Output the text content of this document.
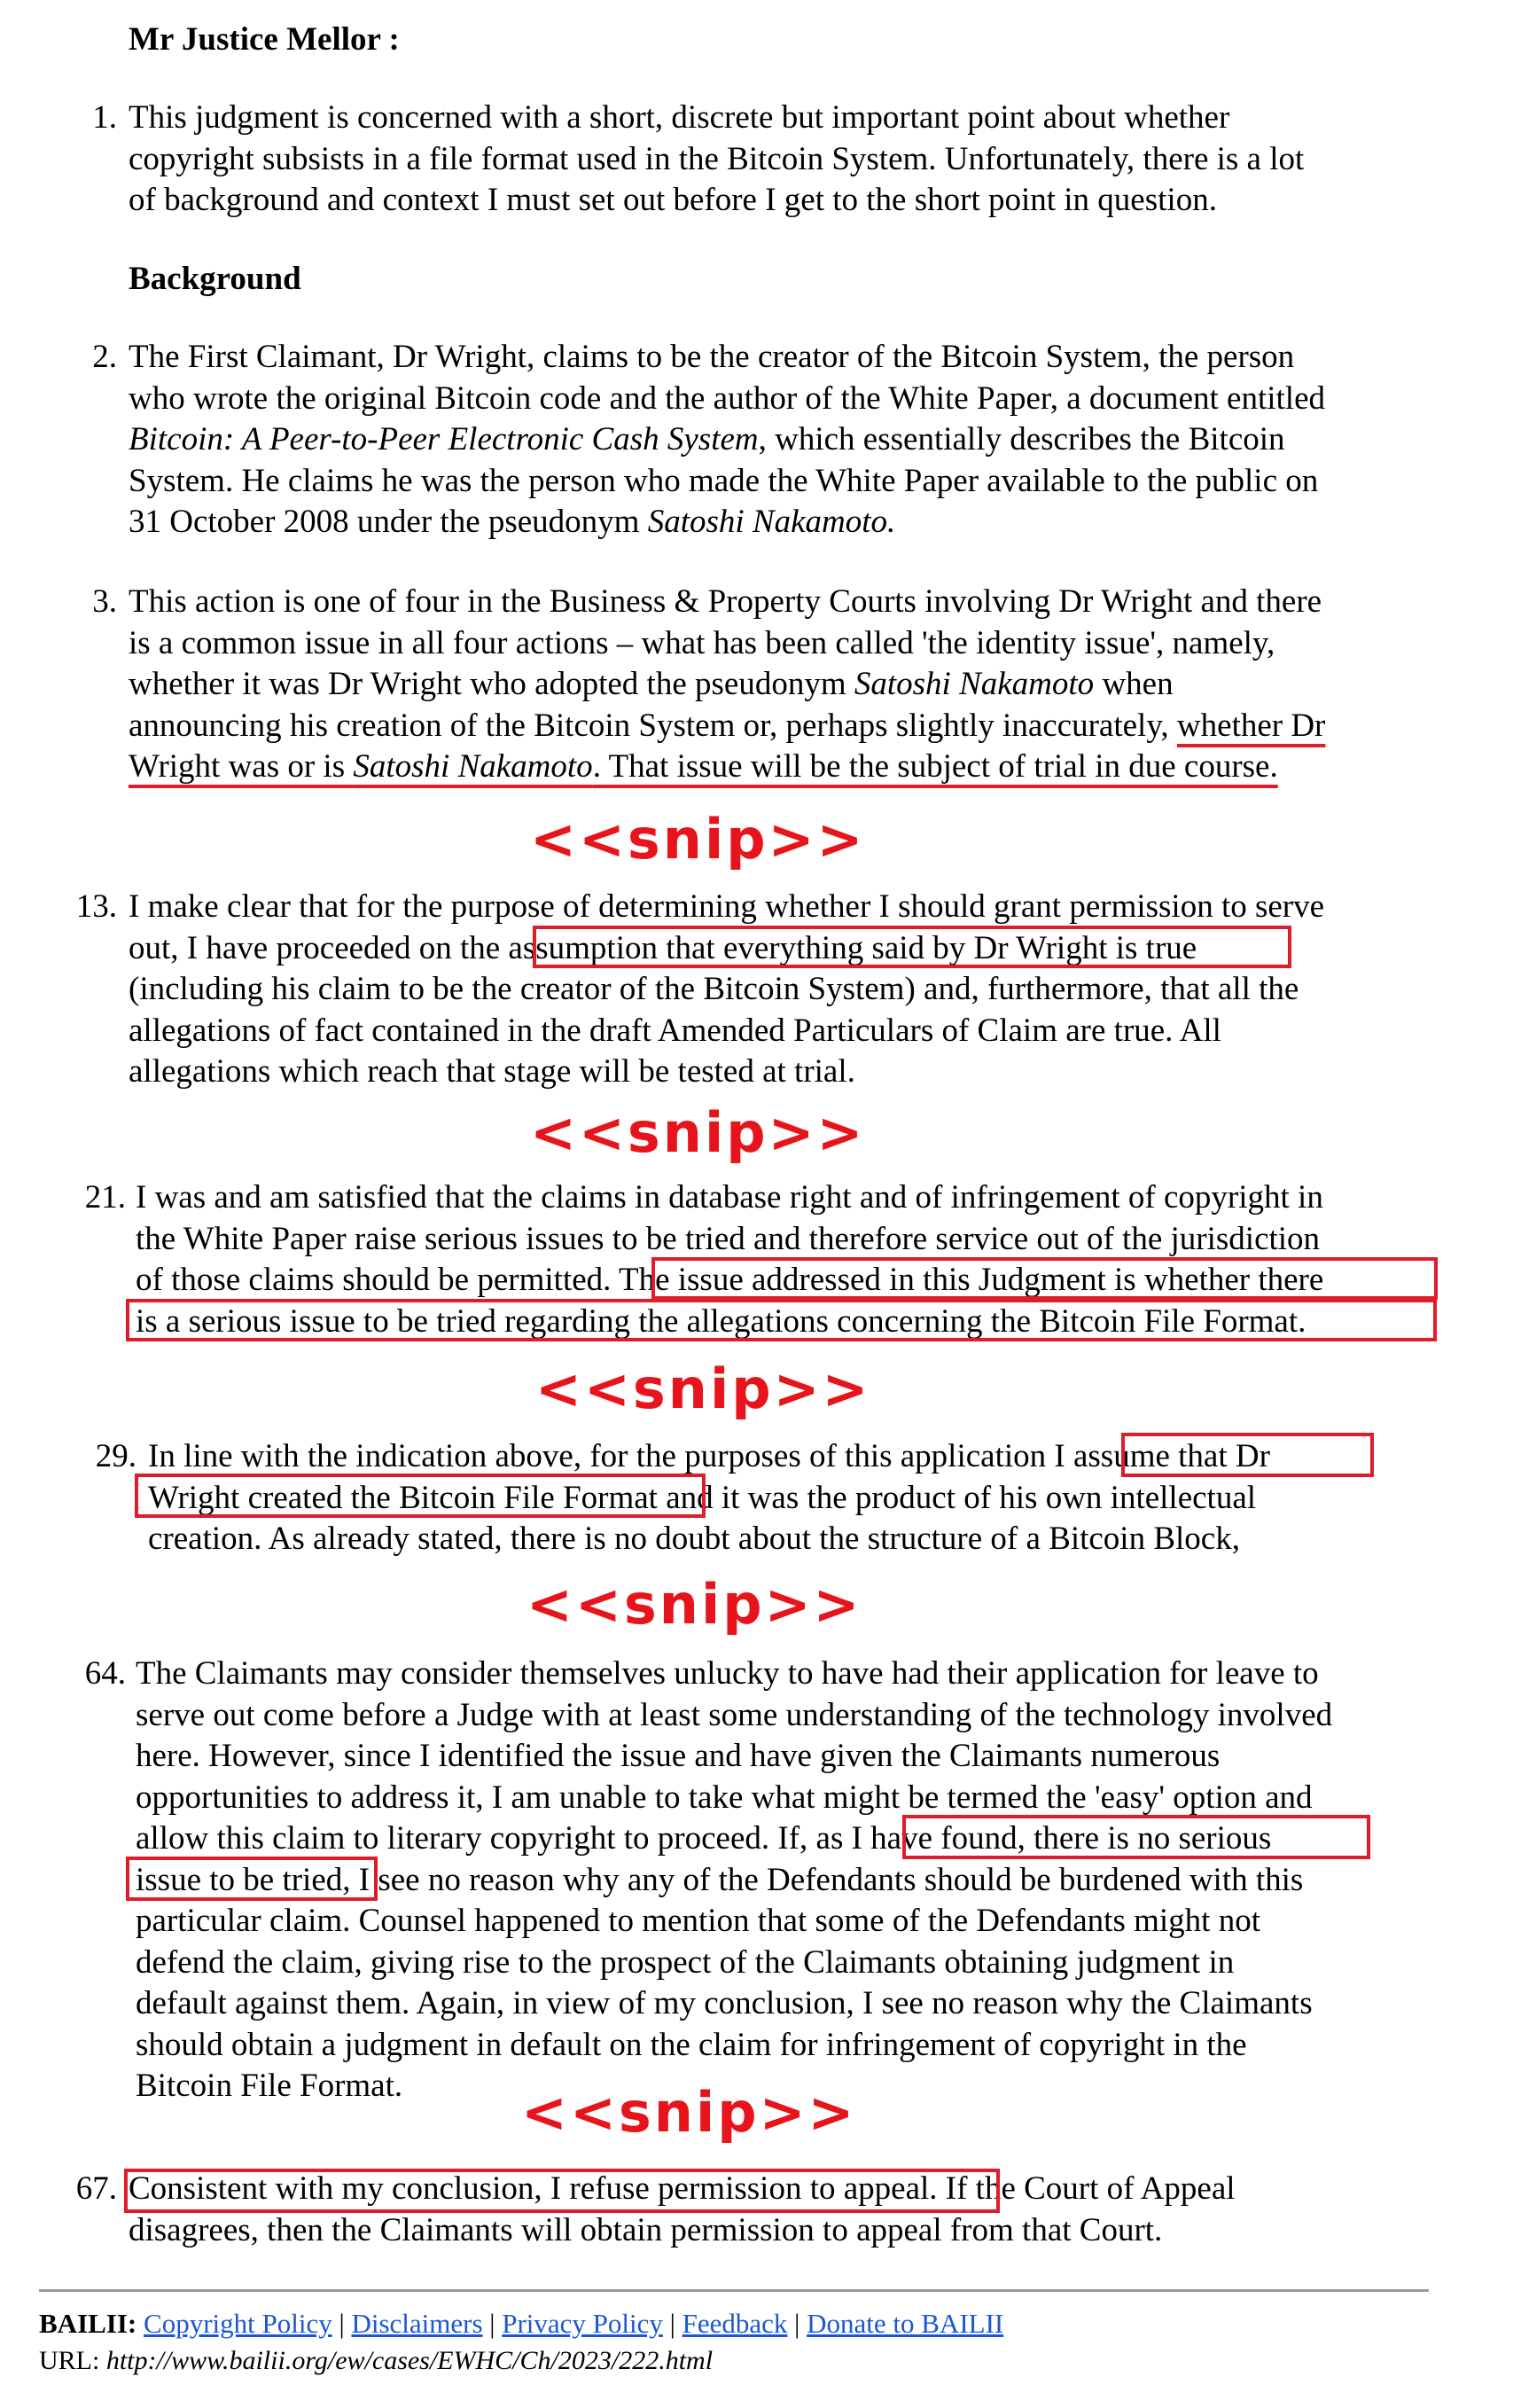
Mr Justice Mellor :
1. This judgment is concerned with a short, discrete but important point about whether
copyright subsists in a file format used in the Bitcoin System. Unfortunately, there is a lot
of background and context I must set out before I get to the short point in question.
Background
2. The First Claimant, Dr Wright, claims to be the creator of the Bitcoin System, the person
who wrote the original Bitcoin code and the author of the White Paper, a document entitled
Bitcoin: A Peer-to-Peer Electronic Cash System, which essentially describes the Bitcoin
System. He claims he was the person who made the White Paper available to the public on
31 October 2008 under the pseudonym Satoshi Nakamoto.
3. This action is one of four in the Business & Property Courts involving Dr Wright and there
is a common issue in all four actions – what has been called 'the identity issue', namely,
whether it was Dr Wright who adopted the pseudonym Satoshi Nakamoto when
announcing his creation of the Bitcoin System or, perhaps slightly inaccurately, whether Dr
Wright was or is Satoshi Nakamoto. That issue will be the subject of trial in due course.
<<snip>>
13. I make clear that for the purpose of determining whether I should grant permission to serve
out, I have proceeded on the assumption that everything said by Dr Wright is true
(including his claim to be the creator of the Bitcoin System) and, furthermore, that all the
allegations of fact contained in the draft Amended Particulars of Claim are true. All
allegations which reach that stage will be tested at trial.
<<snip>>
21. I was and am satisfied that the claims in database right and of infringement of copyright in
the White Paper raise serious issues to be tried and therefore service out of the jurisdiction
of those claims should be permitted. The issue addressed in this Judgment is whether there
is a serious issue to be tried regarding the allegations concerning the Bitcoin File Format.
<<snip>>
29. In line with the indication above, for the purposes of this application I assume that Dr
Wright created the Bitcoin File Format and it was the product of his own intellectual
creation. As already stated, there is no doubt about the structure of a Bitcoin Block,
<<snip>>
64. The Claimants may consider themselves unlucky to have had their application for leave to
serve out come before a Judge with at least some understanding of the technology involved
here. However, since I identified the issue and have given the Claimants numerous
opportunities to address it, I am unable to take what might be termed the 'easy' option and
allow this claim to literary copyright to proceed. If, as I have found, there is no serious
issue to be tried, I see no reason why any of the Defendants should be burdened with this
particular claim. Counsel happened to mention that some of the Defendants might not
defend the claim, giving rise to the prospect of the Claimants obtaining judgment in
default against them. Again, in view of my conclusion, I see no reason why the Claimants
should obtain a judgment in default on the claim for infringement of copyright in the
Bitcoin File Format.	<<snip>>
67. Consistent with my conclusion, I refuse permission to appeal. If the Court of Appeal
disagrees, then the Claimants will obtain permission to appeal from that Court.
BAILII: Copyright Policy | Disclaimers | Privacy Policy | Feedback | Donate to BAILII
URL: http://www.bailii.org/ew/cases/EWHC/Ch/2023/222.html
